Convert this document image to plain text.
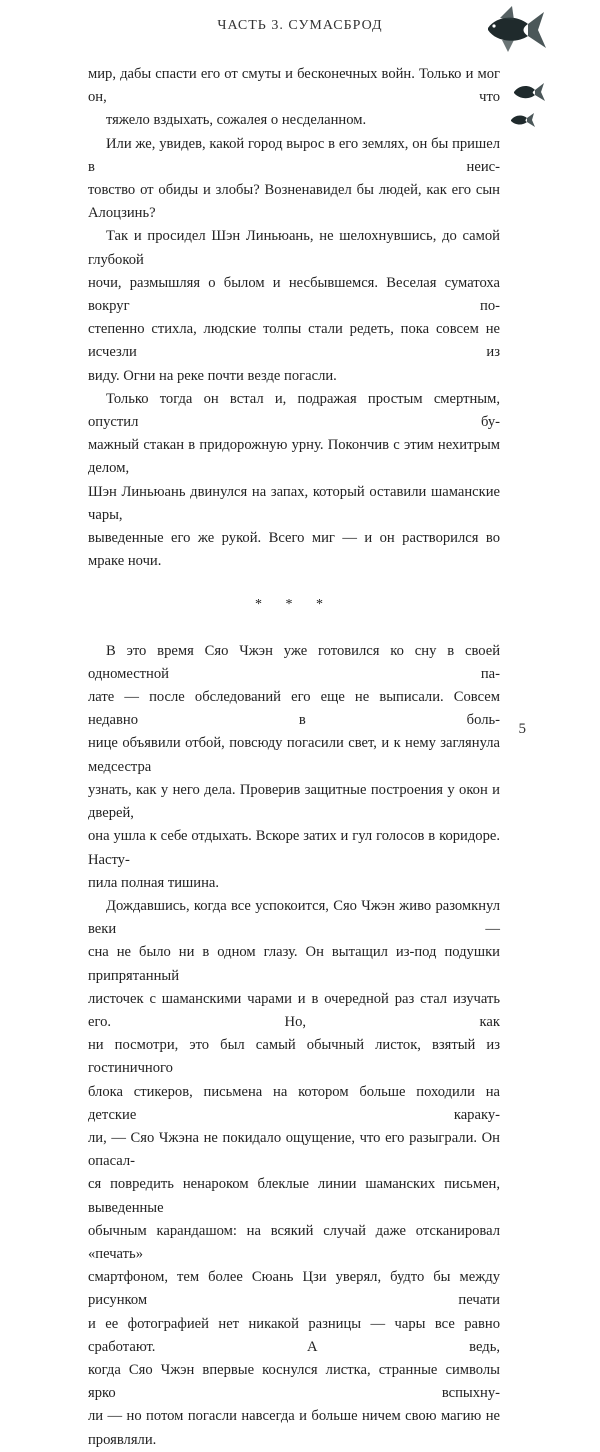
ЧАСТЬ 3. СУМАСБРОД

мир, дабы спасти его от смуты и бесконечных войн. Только и мог он, что
тяжело вздыхать, сожалея о несделанном.

Или же, увидев, какой город вырос в его землях, он бы пришел в неис-
товство от обиды и злобы? Возненавидел бы людей, как его сын Алоцзинь?

Так и просидел Шэн Линьюань, не шелохнувшись, до самой глубокой
ночи, размышляя о былом и несбывшемся. Веселая суматоха вокруг по-
степенно стихла, людские толпы стали редеть, пока совсем не исчезли из
виду. Огни на реке почти везде погасли.

Только тогда он встал и, подражая простым смертным, опустил бу-
мажный стакан в придорожную урну. Покончив с этим нехитрым делом,
Шэн Линьюань двинулся на запах, который оставили шаманские чары,
выведенные его же рукой. Всего миг — и он растворился во мраке ночи.

* * *

В это время Сяо Чжэн уже готовился ко сну в своей одноместной па-
лате — после обследований его еще не выписали. Совсем недавно в боль-
нице объявили отбой, повсюду погасили свет, и к нему заглянула медсестра
узнать, как у него дела. Проверив защитные построения у окон и дверей,
она ушла к себе отдыхать. Вскоре затих и гул голосов в коридоре. Насту-
пила полная тишина.

Дождавшись, когда все успокоится, Сяо Чжэн живо разомкнул веки —
сна не было ни в одном глазу. Он вытащил из-под подушки припрятанный
листочек с шаманскими чарами и в очередной раз стал изучать его. Но, как
ни посмотри, это был самый обычный листок, взятый из гостиничного
блока стикеров, письмена на котором больше походили на детские караку-
ли, — Сяо Чжэна не покидало ощущение, что его разыграли. Он опасал-
ся повредить ненароком блеклые линии шаманских письмен, выведенные
обычным карандашом: на всякий случай даже отсканировал «печать»
смартфоном, тем более Сюань Цзи уверял, будто бы между рисунком печати
и ее фотографией нет никакой разницы — чары все равно сработают. А ведь,
когда Сяо Чжэн впервые коснулся листка, странные символы ярко вспыхну-
ли — но потом погасли навсегда и больше ничем свою магию не проявляли.

5
